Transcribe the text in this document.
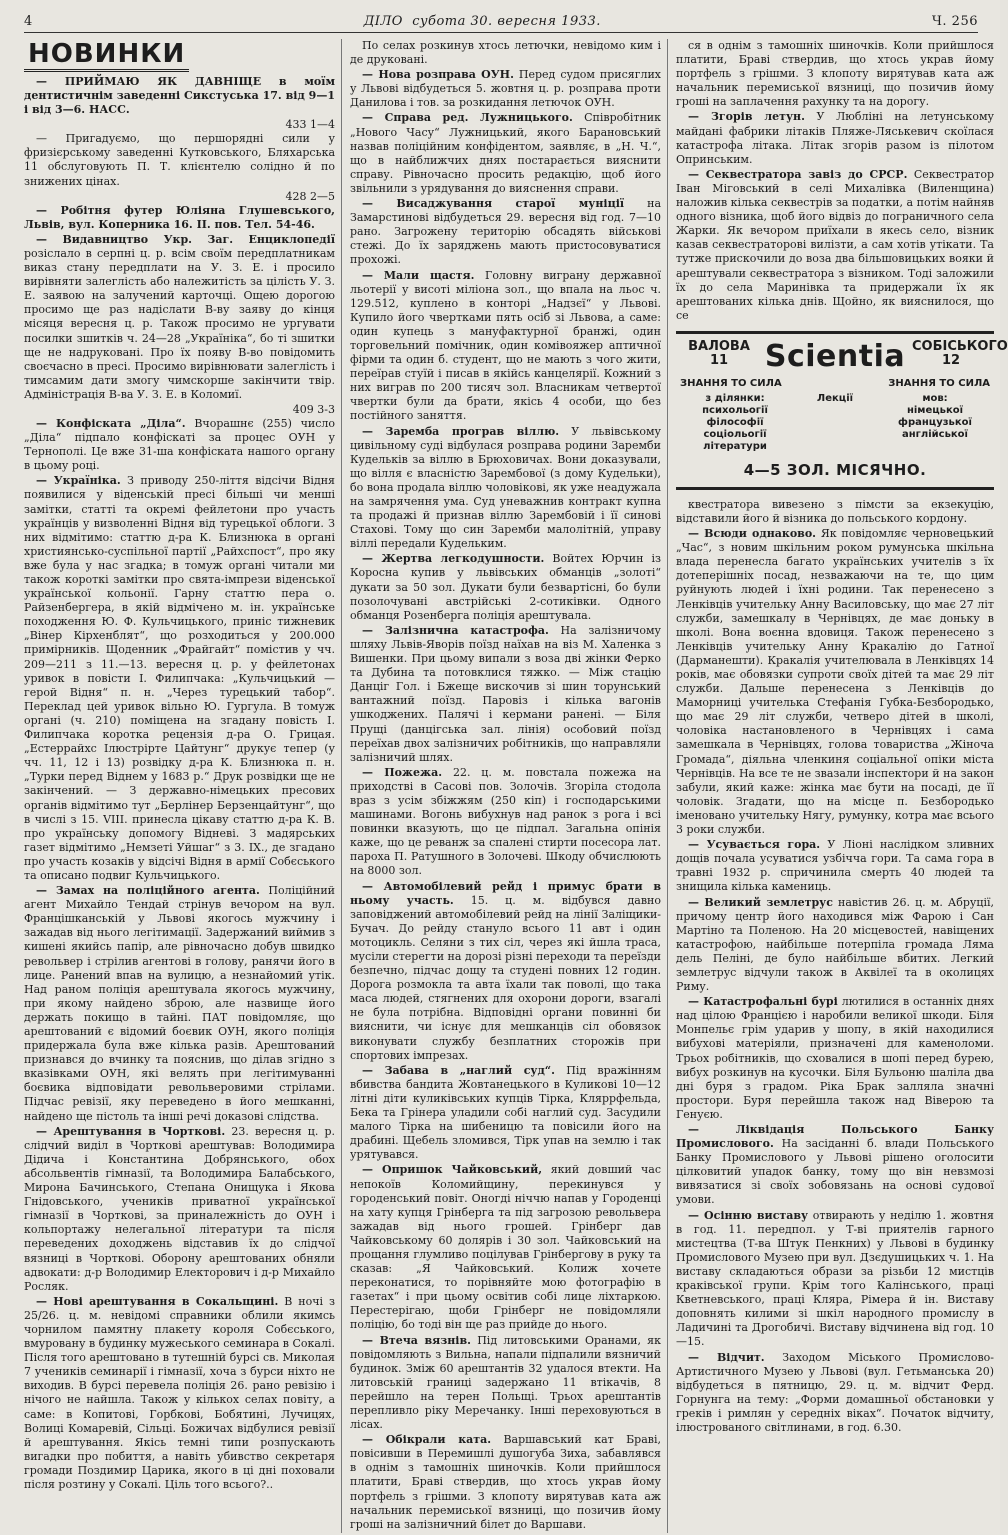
4	ДІЛО субота 30. вересня 1933.	Ч. 256
НОВИНКИ

— ПРИЙМАЮ ЯК ДАВНІЩЕ в моїм дентистичнім заведенні Сикстуська 17. від 9—1 і від 3—6. НАСС.

433 1—4

— Пригадуємо, що першорядні сили у фризієрському заведенні Кутковського, Бляхарська 11 обслуговують П. Т. клієнтелю солідно й по знижених цінах.

428 2—5

— Робітня футер Юліяна Глушевського, Львів, вул. Коперника 16. II. пов. Тел. 54-46.

— Видавництво Укр. Заг. Енциклопедії розіслало в серпні ц. р. всім своїм передплатникам виказ стану передплати на У. З. Е. і просило вирівняти залеглість або належитість за цілість У. З. Е. заявою на залучений карточці. Ощею дорогою просимо ще раз надіслати В-ву заяву до кінця місяця вересня ц. р. Також просимо не ургувати посилки зшитків ч. 24—28 „Україніка“, бо ті зшитки ще не надруковані. Про їх появу В-во повідомить своєчасно в пресі. Просимо вирівнювати залеглість і тимсамим дати змогу чимскорше закінчити твір. Адміністрація В-ва У. З. Е. в Коломиї.

409 3-3

— Конфіската „Діла“. Вчорашнє (255) число „Діла“ підпало конфіскаті за процес ОУН у Тернополі. Це вже 31-ша конфіската нашого органу в цьому році.

— Україніка. З приводу 250-ліття відсічи Відня появилися у віденській пресі більші чи менші замітки, статті та окремі фейлетони про участь українців у визволенні Відня від турецької облоги. З них відмітимо: статтю д-ра К. Близнюка в органі християнсько-суспільної партії „Райхспост“, про яку вже була у нас згадка; в томуж органі читали ми також короткі замітки про свята-імпрези віденської української кольонії. Гарну статтю пера о. Райзенбергера, в якій відмічено м. ін. українське походження Ю. Ф. Кульчицького, приніс тижневик „Вінер Кірхенблят“, що розходиться у 200.000 примірників. Щоденник „Фрайгайт“ помістив у чч. 209—211 з 11.—13. вересня ц. р. у фейлетонах уривок в повісти І. Филипчака: „Кульчицький — герой Відня“ п. н. „Через турецький табор“. Переклад цей уривок вільно Ю. Гургула. В томуж органі (ч. 210) поміщена на згадану повість І. Филипчака коротка рецензія д-ра О. Грицая. „Естеррайхс Ілюстрірте Цайтунг“ друкує тепер (у чч. 11, 12 і 13) розвідку д-ра К. Близнюка п. н. „Турки перед Віднем у 1683 р.“ Друк розвідки ще не закінчений. — З державно-німецьких пресових органів відмітимо тут „Берлінер Берзенцайтунг“, що в числі з 15. VIII. принесла цікаву статтю д-ра К. В. про українську допомогу Відневі. З мадярських газет відмітимо „Немзеті Уйшаг“ з 3. IX., де згадано про участь козаків у відсічі Відня в армії Собєського та описано подвиг Кульчицького.

— Замах на поліційного агента. Поліційний агент Михайло Тендай стрінув вечором на вул. Францішканській у Львові якогось мужчину і зажадав від нього легітимації. Задержаний виймив з кишені якийсь папір, але рівночасно добув швидко револьвер і стрілив агентові в голову, ранячи його в лице. Ранений впав на вулицю, а незнайомий утік. Над раном поліція арештувала якогось мужчину, при якому найдено зброю, але назвище його держать покищо в тайні. ПАТ повідомляє, що арештований є відомий боєвик ОУН, якого поліція придержала була вже кілька разів. Арештований признався до вчинку та пояснив, що ділав згідно з вказівками ОУН, які велять при легітимуванні боєвика відповідати револьверовими стрілами. Підчас ревізії, яку переведено в його мешканні, найдено ще пістоль та інші речі доказові слідства.

— Арештування в Чорткові. 23. вересня ц. р. слідчий виділ в Чорткові арештував: Володимира Дідича і Константина Добрянського, обох абсольвентів гімназії, та Володимира Балабського, Мирона Бачинського, Степана Онищука і Якова Гнідовського, учеників приватної української гімназії в Чорткові, за приналежність до ОУН і кольпортажу нелегальної літератури та після переведених доходжень відставив їх до слідчої вязниці в Чорткові. Оборону арештованих обняли адвокати: д-р Володимир Електорович і д-р Михайло Росляк.

— Нові арештування в Сокальщині. В ночі з 25/26. ц. м. невідомі справники облили якимсь чорнилом памятну плакету короля Собєського, вмуровану в будинку мужеського семинара в Сокалі. Після того арештовано в тутешній бурсі св. Миколая 7 учеників семинарії і гімназії, хоча з бурси ніхто не виходив. В бурсі перевела поліція 26. рано ревізію і нічого не найшла. Також у кількох селах повіту, а саме: в Копитові, Горбкові, Бобятині, Лучицях, Волиці Комаревій, Сільці. Божичах відбулися ревізії й арештування. Якісь темні типи розпускають вигадки про побиття, а навіть убивство секретаря громади Поздимир Царика, якого в ці дні поховали після розтину у Сокалі. Ціль того всього?..

По селах розкинув хтось летючки, невідомо ким і де друковані.

— Нова розправа ОУН. Перед судом присяглих у Львові відбудеться 5. жовтня ц. р. розправа проти Данилова і тов. за розкидання летючок ОУН.

— Справа ред. Лужницького. Співробітник „Нового Часу“ Лужницький, якого Барановський назвав поліційним конфідентом, заявляє, в „Н. Ч.“, що в найближчих днях постарається вияснити справу. Рівночасно просить редакцію, щоб його звільнили з урядування до вияснення справи.

— Висаджування старої муніції на Замарстинові відбудеться 29. вересня від год. 7—10 рано. Загрожену територію обсадять військові стежі. До їх заряджень мають пристосовуватися прохожі.

— Мали щастя. Головну виграну державної льотерії у висоті міліона зол., що впала на льос ч. 129.512, куплено в конторі „Надзєї“ у Львові. Купило його чвертками пять осіб зі Львова, а саме: один купець з мануфактурної бранжі, один торговельний помічник, один комівояжер аптичної фірми та один б. студент, що не мають з чого жити, переїрав стуїй і писав в якійсь канцелярії. Кожний з них виграв по 200 тисяч зол. Власникам четвертої чвертки були да брати, якісь 4 особи, що без постійного заняття.

— Заремба програв віллю. У львівському цивільному суді відбулася розправа родини Заремби Кудельків за віллю в Брюховичах. Вони доказували, що вілля є власністю Зарембової (з дому Кудельки), бо вона продала віллю чоловікові, як уже неадужала на замрячення ума. Суд уневажнив контракт купна та продажі й признав віллю Зарембовій і її синові Стахові. Тому що син Заремби малолітній, управу віллі передали Кудельким.

— Жертва легкодушности. Войтех Юрчин із Коросна купив у львівських обманців „золоті“ дукати за 50 зол. Дукати були безвартісні, бо були позолочувані австрійські 2-сотиківки. Одного обманця Розенберга поліція арештувала.

— Залізнична катастрофа. На залізничому шляху Львів-Яворів поїзд наїхав на віз М. Халенка з Вишенки. При цьому випали з воза дві жінки Ферко та Дубина та потовклися тяжко. — Між стацію Данціг Гол. і Бжеще вискочив зі шин торунський вантажний поїзд. Паровіз і кілька вагонів ушкоджених. Палячі і кермани ранені. — Біля Прущі (данцігська зал. лінія) особовий поїзд переїхав двох залізничих робітників, що направляли залізничий шлях.

— Пожежа. 22. ц. м. повстала пожежа на приходстві в Сасові пов. Золочів. Згоріла стодола враз з усім збіжжям (250 кіп) і господарськими машинами. Вогонь вибухнув над ранок з рога і всі повинки вказують, що це підпал. Загальна опінія каже, що це реванж за спалені стирти посесора лат. пароха П. Ратушного в Золочеві. Шкоду обчислюють на 8000 зол.

— Автомобілевий рейд і примус брати в ньому участь. 15. ц. м. відбувся давно заповіджений автомобілевий рейд на лінії Заліщики-Бучач. До рейду стануло всього 11 авт і один мотоцикль. Селяни з тих сіл, через які йшла траса, мусіли стерегти на дорозі різні переходи та переїзди безпечно, підчас дощу та студені повних 12 годин. Дорога розмокла та авта їхали так поволі, що така маса людей, стягнених для охорони дороги, взагалі не була потрібна. Відповідні органи повинні би вияснити, чи існує для мешканців сіл обовязок виконувати службу безплатних сторожів при спортових імпрезах.

— Забава в „наглий суд“. Під вражінням вбивства бандита Жовтанецького в Куликові 10—12 літні діти куликівських купців Тірка, Кляррфельда, Бека та Грінера уладили собі наглий суд. Засудили малого Тірка на шибеницю та повісили його на драбині. Щебель зломився, Тірк упав на землю і так урятувався.

— Опришок Чайковський, який довший час непокоїв Коломийщину, перекинувся у городенський повіт. Оногді ніччю напав у Городенці на хату купця Грінберга та під загрозою револьвера зажадав від нього грошей. Грінберг дав Чайковському 60 долярів і 30 зол. Чайковський на прощання глумливо поцілував Грінбергову в руку та сказав: „Я Чайковський. Колиж хочете переконатися, то порівняйте мою фотографію в газетах“ і при цьому освітив собі лице ліхтаркою. Перестерігаю, щоби Грінберг не повідомляли поліцію, бо тоді він ще раз прийде до нього.

— Втеча вязнів. Під литовськими Оранами, як повідомляють з Вильна, напали підпалили вязничий будинок. Зміж 60 арештантів 32 удалося втекти. На литовській границі задержано 11 втікачів, 8 перейшло на терен Польщі. Трьох арештантів перепливло ріку Меречанку. Інші переховуються в лісах.

— Обікрали ката. Варшавський кат Браві, повісивши в Перемишлі душогуба Зиха, забавлявся в однім з тамошніх шиночків. Коли прийшлося платити, Браві ствердив, що хтось украв йому портфель з грішми. З клопоту вирятував ката аж начальник перемиської вязниці, що позичив йому гроші на залізничний білет до Варшави.

ся в однім з тамошніх шиночків. Коли прийшлося платити, Браві ствердив, що хтось украв йому портфель з грішми. З клопоту вирятував ката аж начальник перемиської вязниці, що позичив йому гроші на заплачення рахунку та на дорогу.

— Згорів летун. У Любліні на летунському майдані фабрики літаків Пляже-Ляськевич скоїлася катастрофа літака. Літак згорів разом із пілотом Опринським.

— Секвестратора завіз до СРСР. Секвестратор Іван Міговський в селі Михалівка (Виленщина) наложив кілька секвестрів за податки, а потім найняв одного візника, щоб його відвіз до пограничного села Жарки. Як вечором приїхали в якесь село, візник казав секвестраторові вилізти, а сам хотів утікати. Та тутже прискочили до воза два більшовицьких вояки й арештували секвестратора з візником. Тоді заложили їх до села Маринівка та придержали їх як арештованих кілька днів. Щойно, як вияснилося, що се

ВАЛОВА 11	Scientia СОБІСЬКОГО 12
ЗНАННЯ ТО СИЛА	ЗНАННЯ ТО СИЛА
з ділянки:
психольогії філософії соціольогії літератури
Лекції	мов:
німецької французької англійської
4—5 ЗОЛ. МІСЯЧНО.

квестратора вивезено з пімсти за екзекуцію, відставили його й візника до польського кордону.

— Всюди однаково. Як повідомляє черновецький „Час“, з новим шкільним роком румунська шкільна влада перенесла багато українських учителів з їх дотеперішніх посад, незважаючи на те, що цим руйнують людей і їхні родини. Так перенесено з Ленківців учительку Анну Василовську, що має 27 літ служби, замешкалу в Чернівцях, де має доньку в школі. Вона воєнна вдовиця. Також перенесено з Ленківців учительку Анну Кракалію до Гатної (Дарманешти). Кракалія учителювала в Ленківцях 14 років, має обовязки супроти своїх дітей та має 29 літ служби. Дальше перенесена з Ленківців до Маморниці учителька Стефанія Губка-Безбородько, що має 29 літ служби, четверо дітей в школі, чоловіка настановленого в Чернівцях і сама замешкала в Чернівцях, голова товариства „Жіноча Громада“, діяльна членкиня соціальної опіки міста Чернівців. На все те не звазали інспектори й на закон забули, який каже: жінка має бути на посаді, де її чоловік. Згадати, що на місце п. Безбородько іменовано учительку Нягу, румунку, котра має всього 3 роки служби.

— Усувається гора. У Ліоні наслідком зливних дощів почала усуватися узбічча гори. Та сама гора в травні 1932 р. спричинила смерть 40 людей та знищила кілька камениць.

— Великий землетрус навістив 26. ц. м. Абруції, причому центр його находився між Фарою і Сан Мартіно та Поленою. На 20 місцевостей, навіщених катастрофою, найбільше потерпіла громада Ляма дель Пеліні, де було найбільше вбитих. Легкий землетрус відчули також в Аквілеї та в околицях Риму.

— Катастрофальні бурі лютилися в останніх днях над цілою Францією і наробили великої шкоди. Біля Монпельє грім ударив у шопу, в якій находилися вибухові матеріяли, призначені для каменоломи. Трьох робітників, що сховалися в шопі перед бурею, вибух розкинув на кусочки. Біля Бульоню шаліла два дні буря з градом. Ріка Брак залляла значні простори. Буря перейшла також над Віверою та Генуєю.

— Ліквідація Польського Банку Промислового. На засіданні б. влади Польського Банку Промислового у Львові рішено оголосити цілковитий упадок банку, тому що він невзмозі вивязатися зі своїх зобовязань на основі судової умови.

— Осінню виставу отвирають у неділю 1. жовтня в год. 11. передпол. у Т-ві приятелів гарного мистецтва (Т-ва Штук Пенкних) у Львові в будинку Промислового Музею при вул. Дзєдушицьких ч. 1. На виставу складаються образи за різьби 12 мистців краківської групи. Крім того Калінського, праці Кветневського, праці Кляра, Рімера й ін. Виставу доповнять килими зі шкіл народного промислу в Ладичині та Дрогобичі. Виставу відчинена від год. 10—15.

— Відчит. Заходом Міського Промислово-Артистичного Музею у Львові (вул. Гетьманська 20) відбудеться в пятницю, 29. ц. м. відчит Ферд. Горнунга на тему: „Форми домашньої обстановки у греків і римлян у середніх віках“. Початок відчиту, ілюстрованого світлинами, в год. 6.30.
